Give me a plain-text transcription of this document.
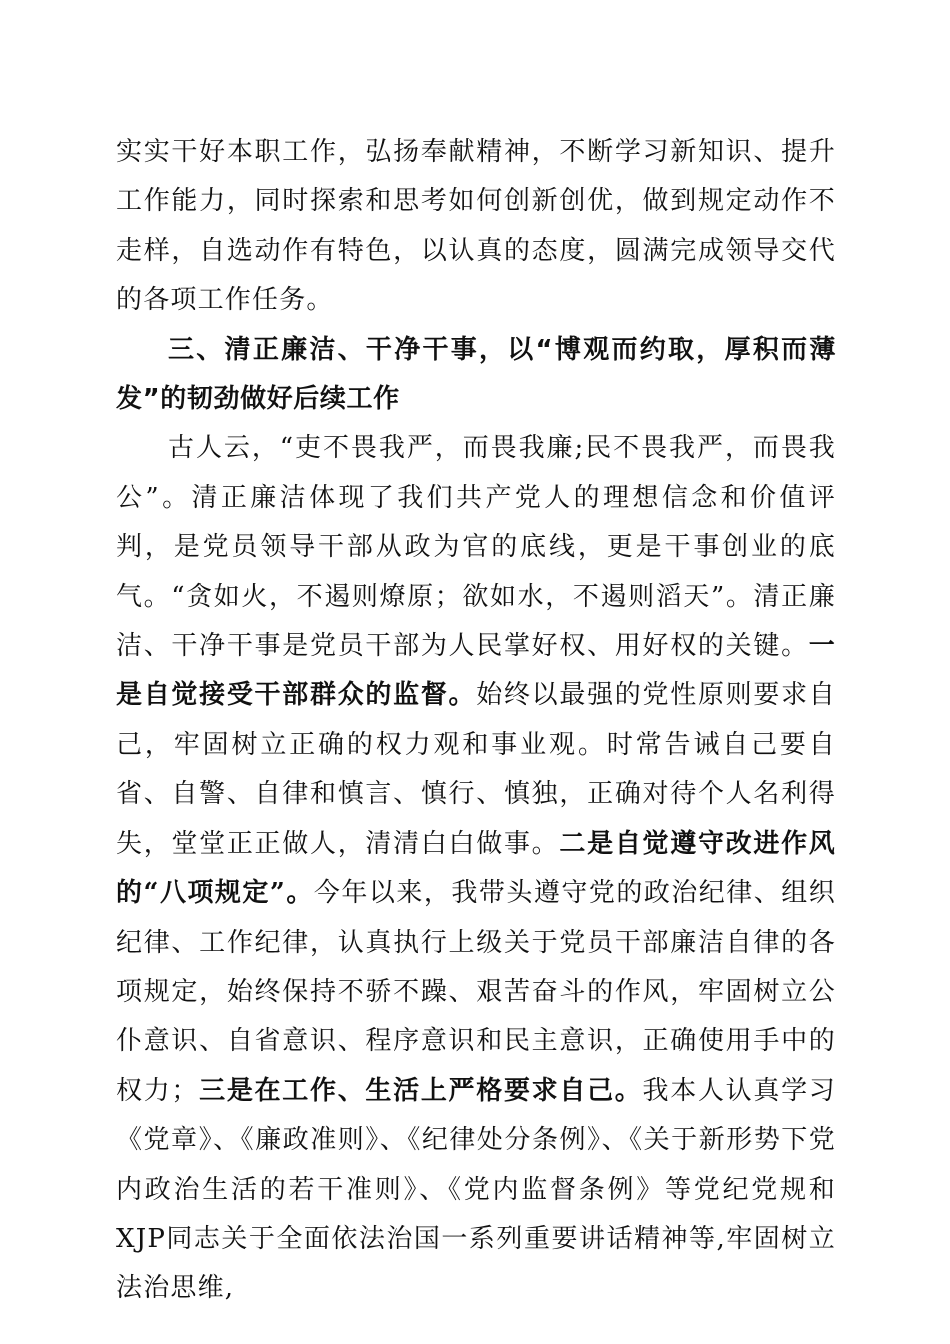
实实干好本职工作，弘扬奉献精神，不断学习新知识、提升工作能力，同时探索和思考如何创新创优，做到规定动作不走样，自选动作有特色，以认真的态度，圆满完成领导交代的各项工作任务。

三、清正廉洁、干净干事，以“博观而约取，厚积而薄发”的韧劲做好后续工作

古人云，“吏不畏我严，而畏我廉;民不畏我严，而畏我公”。清正廉洁体现了我们共产党人的理想信念和价值评判，是党员领导干部从政为官的底线，更是干事创业的底气。“贪如火，不遏则燎原；欲如水，不遏则滔天”。清正廉洁、干净干事是党员干部为人民掌好权、用好权的关键。一是自觉接受干部群众的监督。始终以最强的党性原则要求自己，牢固树立正确的权力观和事业观。时常告诫自己要自省、自警、自律和慎言、慎行、慎独，正确对待个人名利得失，堂堂正正做人，清清白白做事。二是自觉遵守改进作风的“八项规定”。今年以来，我带头遵守党的政治纪律、组织纪律、工作纪律，认真执行上级关于党员干部廉洁自律的各项规定，始终保持不骄不躁、艰苦奋斗的作风，牢固树立公仆意识、自省意识、程序意识和民主意识，正确使用手中的权力；三是在工作、生活上严格要求自己。我本人认真学习《党章》、《廉政准则》、《纪律处分条例》、《关于新形势下党内政治生活的若干准则》、《党内监督条例》等党纪党规和XJP同志关于全面依法治国一系列重要讲话精神等,牢固树立法治思维,
